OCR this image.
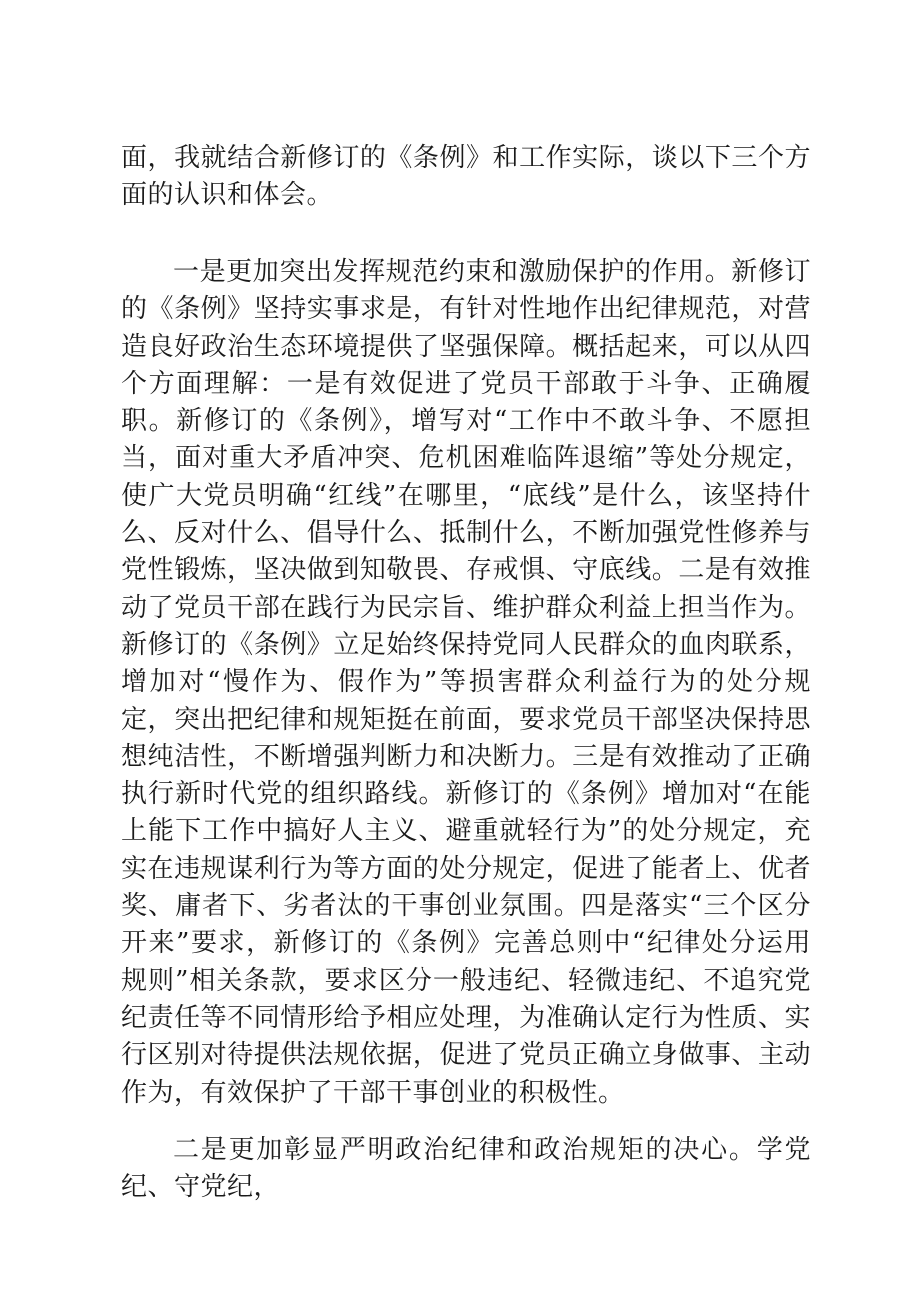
面，我就结合新修订的《条例》和工作实际，谈以下三个方面的认识和体会。

一是更加突出发挥规范约束和激励保护的作用。新修订的《条例》坚持实事求是，有针对性地作出纪律规范，对营造良好政治生态环境提供了坚强保障。概括起来，可以从四个方面理解：一是有效促进了党员干部敢于斗争、正确履职。新修订的《条例》，增写对“工作中不敢斗争、不愿担当，面对重大矛盾冲突、危机困难临阵退缩”等处分规定，使广大党员明确“红线”在哪里，“底线”是什么，该坚持什么、反对什么、倡导什么、抵制什么，不断加强党性修养与党性锻炼，坚决做到知敬畏、存戒惧、守底线。二是有效推动了党员干部在践行为民宗旨、维护群众利益上担当作为。新修订的《条例》立足始终保持党同人民群众的血肉联系，增加对“慢作为、假作为”等损害群众利益行为的处分规定，突出把纪律和规矩挺在前面，要求党员干部坚决保持思想纯洁性，不断增强判断力和决断力。三是有效推动了正确执行新时代党的组织路线。新修订的《条例》增加对“在能上能下工作中搞好人主义、避重就轻行为”的处分规定，充实在违规谋利行为等方面的处分规定，促进了能者上、优者奖、庸者下、劣者汰的干事创业氛围。四是落实“三个区分开来”要求，新修订的《条例》完善总则中“纪律处分运用规则”相关条款，要求区分一般违纪、轻微违纪、不追究党纪责任等不同情形给予相应处理，为准确认定行为性质、实行区别对待提供法规依据，促进了党员正确立身做事、主动作为，有效保护了干部干事创业的积极性。

二是更加彰显严明政治纪律和政治规矩的决心。学党纪、守党纪，
